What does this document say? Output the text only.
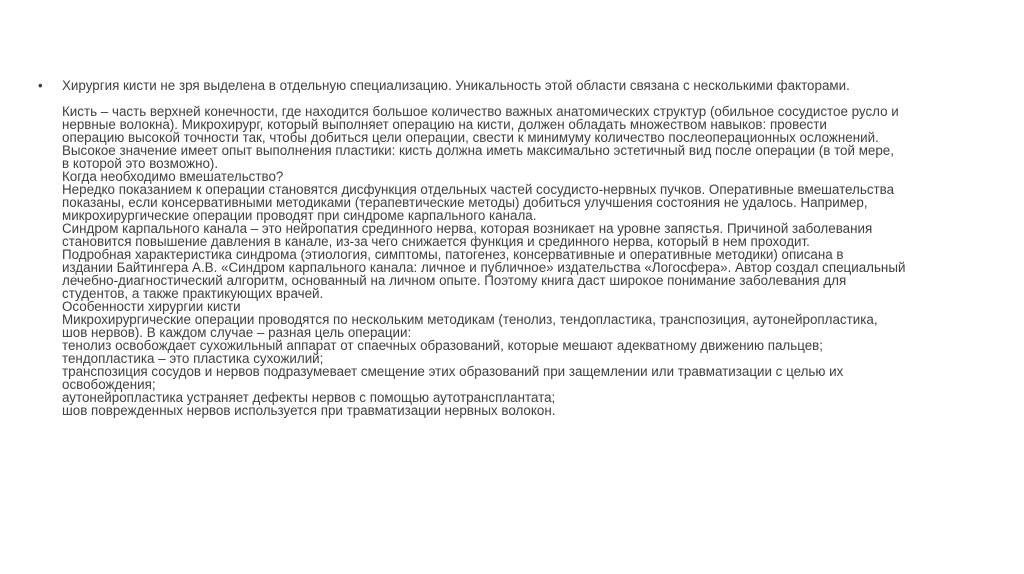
• Хирургия кисти не зря выделена в отдельную специализацию. Уникальность этой области связана с несколькими факторами.
Кисть – часть верхней конечности, где находится большое количество важных анатомических структур (обильное сосудистое русло и
нервные волокна). Микрохирург, который выполняет операцию на кисти, должен обладать множеством навыков: провести
операцию высокой точности так, чтобы добиться цели операции, свести к минимуму количество послеоперационных осложнений.
Высокое значение имеет опыт выполнения пластики: кисть должна иметь максимально эстетичный вид после операции (в той мере,
в которой это возможно).
Когда необходимо вмешательство?
Нередко показанием к операции становятся дисфункция отдельных частей сосудисто-нервных пучков. Оперативные вмешательства
показаны, если консервативными методиками (терапевтические методы) добиться улучшения состояния не удалось. Например,
микрохирургические операции проводят при синдроме карпального канала.
Синдром карпального канала – это нейропатия срединного нерва, которая возникает на уровне запястья. Причиной заболевания
становится повышение давления в канале, из-за чего снижается функция и срединного нерва, который в нем проходит.
Подробная характеристика синдрома (этиология, симптомы, патогенез, консервативные и оперативные методики) описана в
издании Байтингера А.В. «Синдром карпального канала: личное и публичное» издательства «Логосфера». Автор создал специальный
лечебно-диагностический алгоритм, основанный на личном опыте. Поэтому книга даст широкое понимание заболевания для
студентов, а также практикующих врачей.
Особенности хирургии кисти
Микрохирургические операции проводятся по нескольким методикам (тенолиз, тендопластика, транспозиция, аутонейропластика,
шов нервов). В каждом случае – разная цель операции:
тенолиз освобождает сухожильный аппарат от спаечных образований, которые мешают адекватному движению пальцев;
тендопластика – это пластика сухожилий;
транспозиция сосудов и нервов подразумевает смещение этих образований при защемлении или травматизации с целью их
освобождения;
аутонейропластика устраняет дефекты нервов с помощью аутотрансплантата;
шов поврежденных нервов используется при травматизации нервных волокон.
